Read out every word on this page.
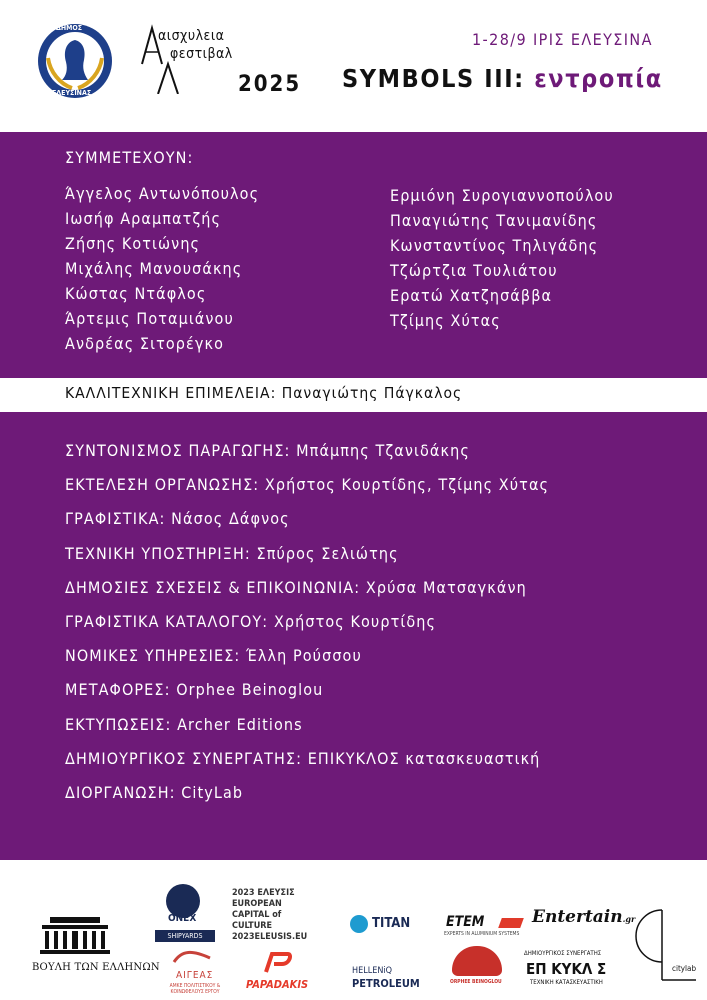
ΔΗΜΟΣ
ΕΛΕΥΣΙΝΑΣ
αισχυλεια
φεστιβαλ
2025
1-28/9 ΙΡΙΣ ΕΛΕΥΣΙΝΑ
SYMBOLS III: εντροπία
ΣΥΜΜΕΤΕΧΟΥΝ:
Άγγελος Αντωνόπουλος
Ιωσήφ Αραμπατζής
Ζήσης Κοτιώνης
Μιχάλης Μανουσάκης
Κώστας Ντάφλος
Άρτεμις Ποταμιάνου
Ανδρέας Σιτορέγκο
Ερμιόνη Συρογιαννοπούλου
Παναγιώτης Τανιμανίδης
Κωνσταντίνος Τηλιγάδης
Τζώρτζια Τουλιάτου
Ερατώ Χατζησάββα
Τζίμης Χύτας
ΚΑΛΛΙΤΕΧΝΙΚΗ ΕΠΙΜΕΛΕΙΑ: Παναγιώτης Πάγκαλος
ΣΥΝΤΟΝΙΣΜΟΣ ΠΑΡΑΓΩΓΗΣ: Μπάμπης Τζανιδάκης
ΕΚΤΕΛΕΣΗ ΟΡΓΑΝΩΣΗΣ: Χρήστος Κουρτίδης, Τζίμης Χύτας
ΓΡΑΦΙΣΤΙΚΑ: Νάσος Δάφνος
ΤΕΧΝΙΚΗ ΥΠΟΣΤΗΡΙΞΗ: Σπύρος Σελιώτης
ΔΗΜΟΣΙΕΣ ΣΧΕΣΕΙΣ & ΕΠΙΚΟΙΝΩΝΙΑ: Χρύσα Ματσαγκάνη
ΓΡΑΦΙΣΤΙΚΑ ΚΑΤΑΛΟΓΟΥ: Χρήστος Κουρτίδης
ΝΟΜΙΚΕΣ ΥΠΗΡΕΣΙΕΣ: Έλλη Ρούσσου
ΜΕΤΑΦΟΡΕΣ: Orphee Beinoglou
ΕΚΤΥΠΩΣΕΙΣ: Archer Editions
ΔΗΜΙΟΥΡΓΙΚΟΣ ΣΥΝΕΡΓΑΤΗΣ: ΕΠΙΚΥΚΛΟΣ κατασκευαστική
ΔΙΟΡΓΑΝΩΣΗ: CityLab
ΒΟΥΛΗ ΤΩΝ ΕΛΛΗΝΩΝ
ONEX
SHIPYARDS
ΑΙΓΕΑΣ
ΑΜΚΕ ΠΟΛΙΤΙΣΤΙΚΟΥ & ΚΟΙΝΩΦΕΛΟΥΣ ΕΡΓΟΥ
2023 ΕΛΕΥΣΙΣ EUROPEAN CAPITAL of CULTURE 2023ELEUSIS.EU
PAPADAKIS
TITAN
HELLENiQ
PETROLEUM
ETEM
EXPERTS IN ALUMINIUM SYSTEMS
ORPHEE BEINOGLOU
Entertain.gr
ΔΗΜΙΟΥΡΓΙΚΟΣ ΣΥΝΕΡΓΑΤΗΣ
ΕΠ ΚΥΚΛ Σ
ΤΕΧΝΙΚΗ ΚΑΤΑΣΚΕΥΑΣΤΙΚΗ
citylab
